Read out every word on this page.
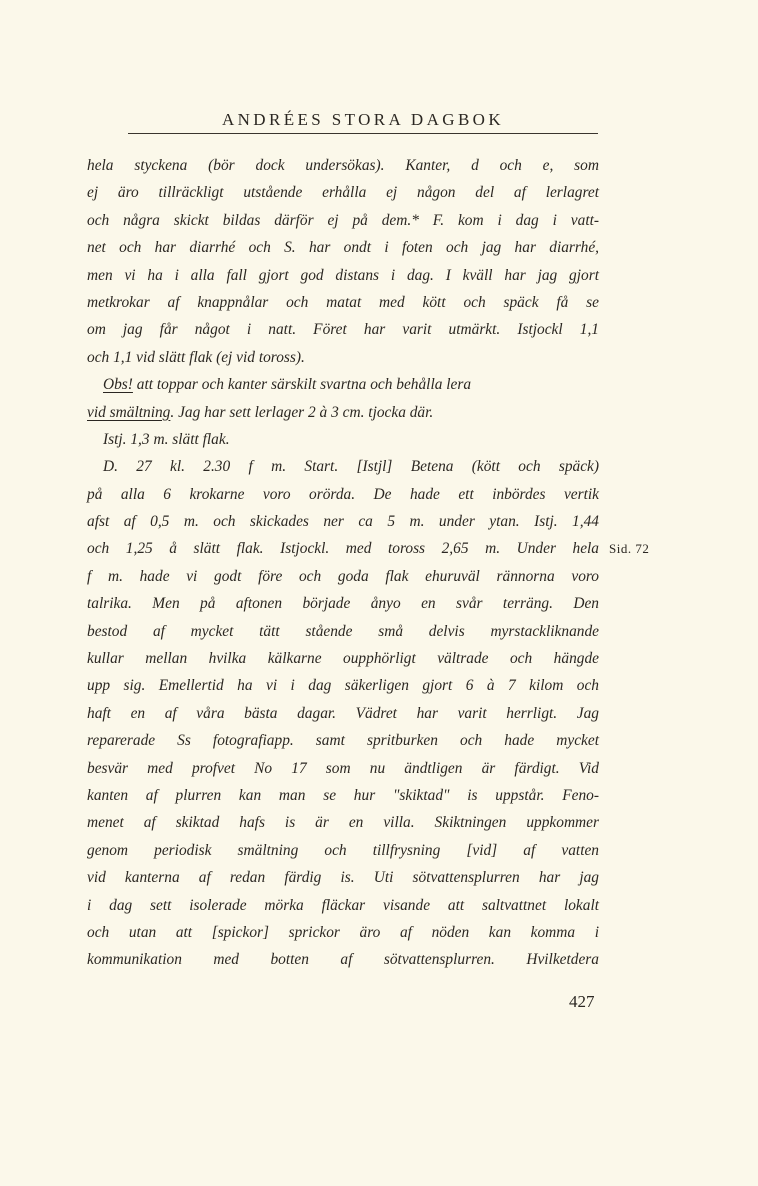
ANDRÉES STORA DAGBOK
hela styckena (bör dock undersökas). Kanter, d och e, som
ej äro tillräckligt utstående erhålla ej någon del af lerlagret
och några skickt bildas därför ej på dem.* F. kom i dag i vatt-
net och har diarrhé och S. har ondt i foten och jag har diarrhé,
men vi ha i alla fall gjort god distans i dag. I kväll har jag gjort
metkrokar af knappnålar och matat med kött och späck få se
om jag får något i natt. Föret har varit utmärkt. Istjockl 1,1
och 1,1 vid slätt flak (ej vid toross).
Obs! att toppar och kanter särskilt svartna och behålla lera
vid smältning. Jag har sett lerlager 2 à 3 cm. tjocka där.
Istj. 1,3 m. slätt flak.
D. 27 kl. 2.30 f m. Start. [Istjl] Betena (kött och späck)
på alla 6 krokarne voro orörda. De hade ett inbördes vertik
afst af 0,5 m. och skickades ner ca 5 m. under ytan. Istj. 1,44
och 1,25 å slätt flak. Istjockl. med toross 2,65 m. Under hela
f m. hade vi godt före och goda flak ehuruväl rännorna voro
talrika. Men på aftonen började ånyo en svår terräng. Den
bestod af mycket tätt stående små delvis myrstackliknande
kullar mellan hvilka kälkarne oupphörligt vältrade och hängde
upp sig. Emellertid ha vi i dag säkerligen gjort 6 à 7 kilom och
haft en af våra bästa dagar. Vädret har varit herrligt. Jag
reparerade Ss fotografiapp. samt spritburken och hade mycket
besvär med profvet No 17 som nu ändtligen är färdigt. Vid
kanten af plurren kan man se hur "skiktad" is uppstår. Feno-
menet af skiktad hafs is är en villa. Skiktningen uppkommer
genom periodisk smältning och tillfrysning [vid] af vatten
vid kanterna af redan färdig is. Uti sötvattensplurren har jag
i dag sett isolerade mörka fläckar visande att saltvattnet lokalt
och utan att [spickor] sprickor äro af nöden kan komma i
kommunikation med botten af sötvattensplurren. Hvilketdera
Sid. 72
427
